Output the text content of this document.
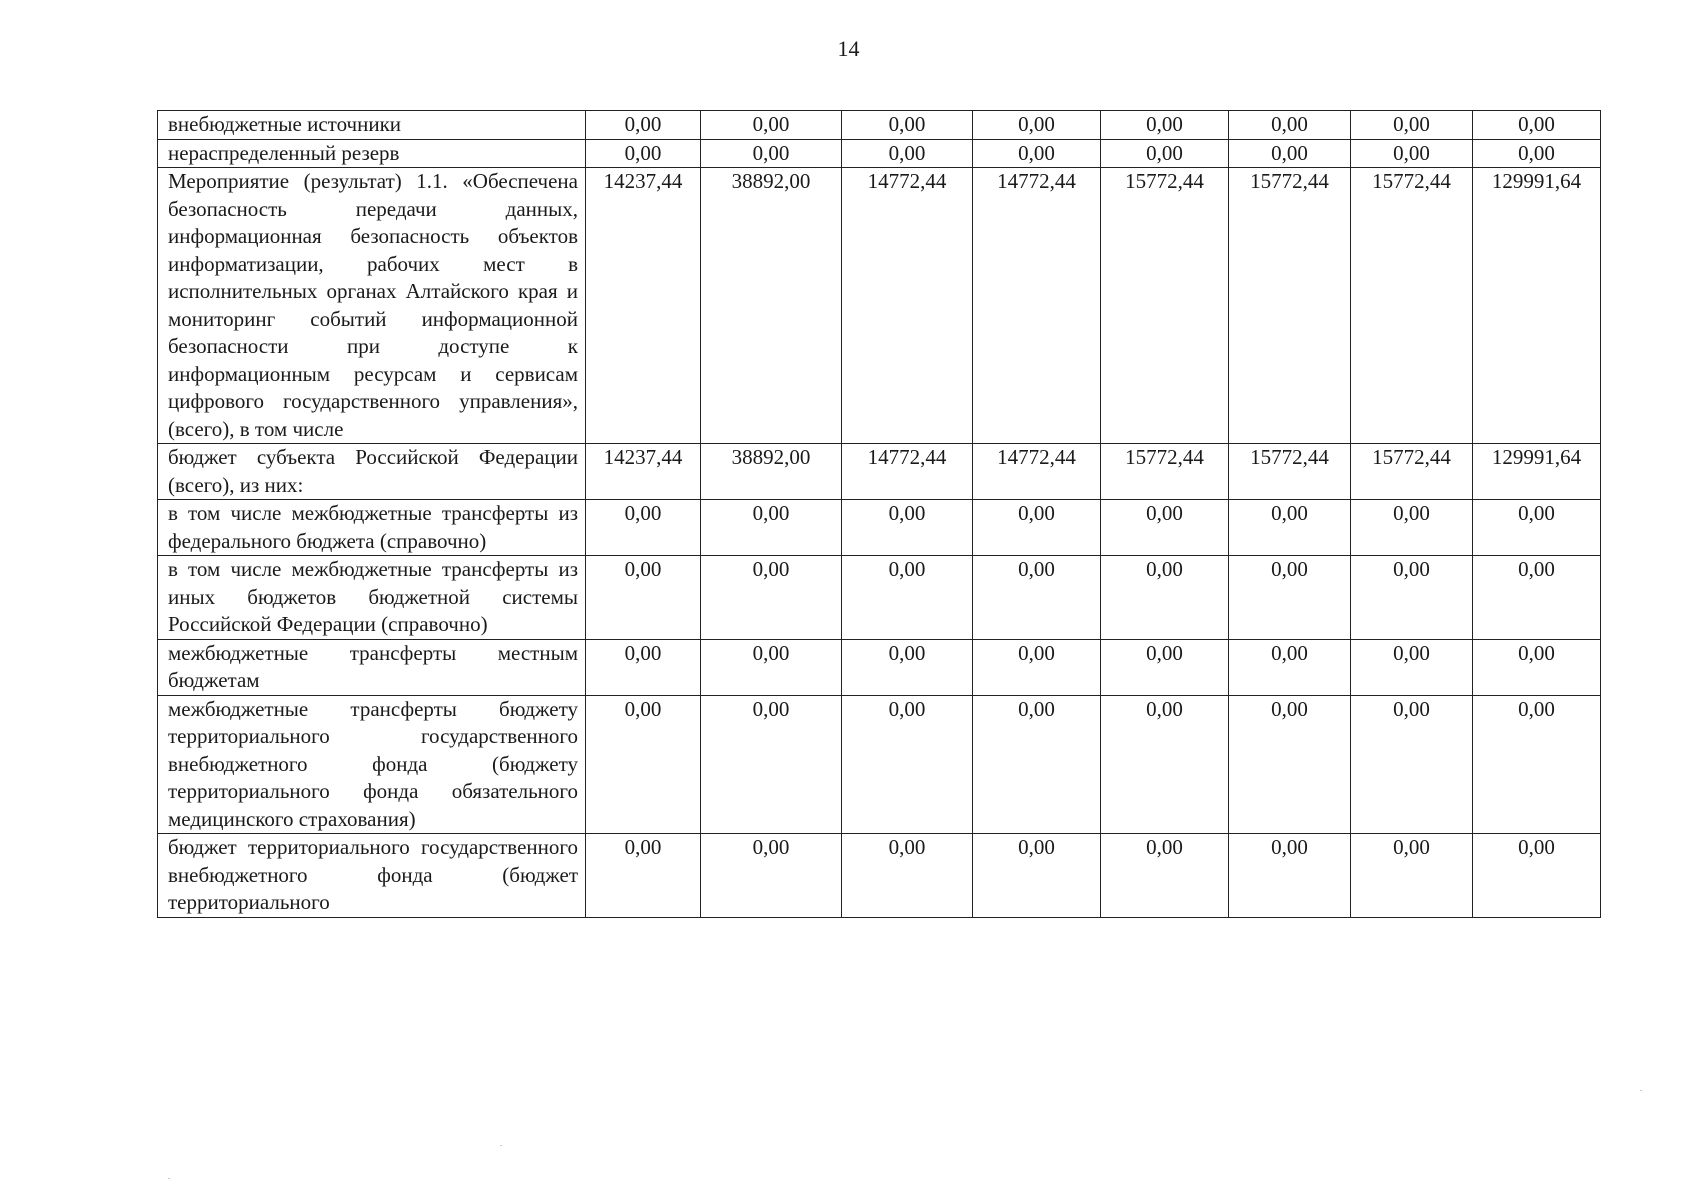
14
внебюджетные источники	0,00	0,00	0,00	0,00	0,00	0,00	0,00	0,00
нераспределенный резерв	0,00	0,00	0,00	0,00	0,00	0,00	0,00	0,00
Мероприятие (результат) 1.1. «Обеспечена безопасность передачи данных, информационная безопасность объектов информатизации, рабочих мест в исполнительных органах Алтайского края и мониторинг событий информационной безопасности при доступе к информационным ресурсам и сервисам цифрового государственного управления», (всего), в том числе	14237,44	38892,00	14772,44	14772,44	15772,44	15772,44	15772,44	129991,64
бюджет субъекта Российской Федерации (всего), из них:	14237,44	38892,00	14772,44	14772,44	15772,44	15772,44	15772,44	129991,64
в том числе межбюджетные трансферты из федерального бюджета (справочно)	0,00	0,00	0,00	0,00	0,00	0,00	0,00	0,00
в том числе межбюджетные трансферты из иных бюджетов бюджетной системы Российской Федерации (справочно)	0,00	0,00	0,00	0,00	0,00	0,00	0,00	0,00
межбюджетные трансферты местным бюджетам	0,00	0,00	0,00	0,00	0,00	0,00	0,00	0,00
межбюджетные трансферты бюджету территориального государственного внебюджетного фонда (бюджету территориального фонда обязательного медицинского страхования)	0,00	0,00	0,00	0,00	0,00	0,00	0,00	0,00
бюджет территориального государственного внебюджетного фонда (бюджет территориального	0,00	0,00	0,00	0,00	0,00	0,00	0,00	0,00
